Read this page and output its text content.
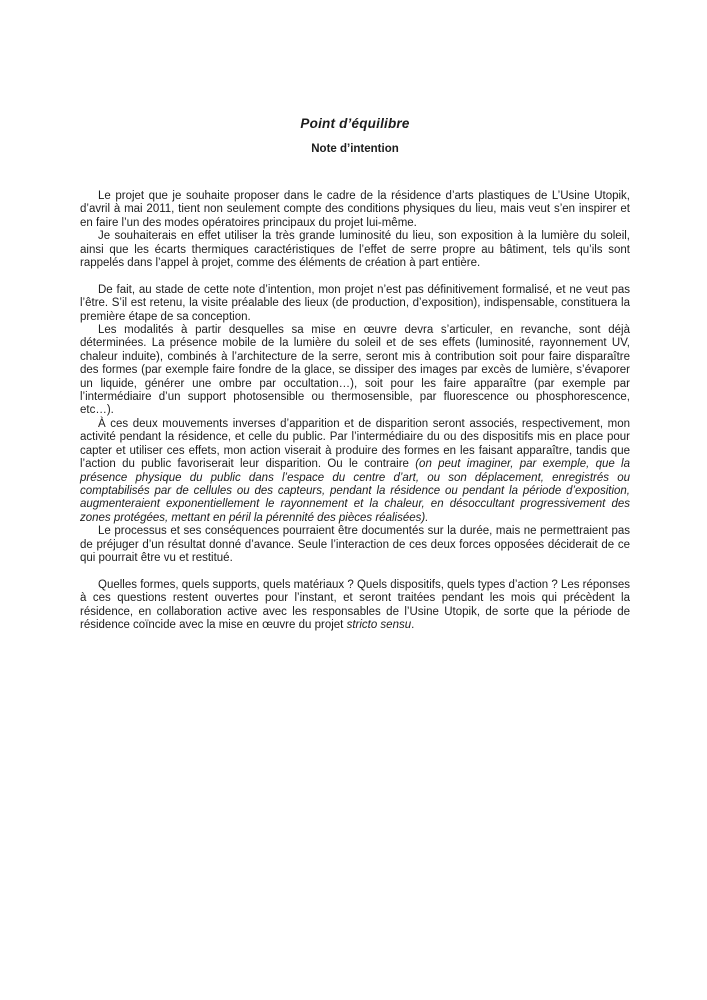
Point d’équilibre
Note d’intention

Le projet que je souhaite proposer dans le cadre de la résidence d’arts plastiques de L’Usine Utopik, d’avril à mai 2011, tient non seulement compte des conditions physiques du lieu, mais veut s’en inspirer et en faire l’un des modes opératoires principaux du projet lui-même.

Je souhaiterais en effet utiliser la très grande luminosité du lieu, son exposition à la lumière du soleil, ainsi que les écarts thermiques caractéristiques de l’effet de serre propre au bâtiment, tels qu’ils sont rappelés dans l’appel à projet, comme des éléments de création à part entière.

De fait, au stade de cette note d’intention, mon projet n’est pas définitivement formalisé, et ne veut pas l’être. S’il est retenu, la visite préalable des lieux (de production, d’exposition), indispensable, constituera la première étape de sa conception.

Les modalités à partir desquelles sa mise en œuvre devra s’articuler, en revanche, sont déjà déterminées. La présence mobile de la lumière du soleil et de ses effets (luminosité, rayonnement UV, chaleur induite), combinés à l’architecture de la serre, seront mis à contribution soit pour faire disparaître des formes (par exemple faire fondre de la glace, se dissiper des images par excès de lumière, s’évaporer un liquide, générer une ombre par occultation…), soit pour les faire apparaître (par exemple par l’intermédiaire d’un support photosensible ou thermosensible, par fluorescence ou phosphorescence, etc…).

À ces deux mouvements inverses d’apparition et de disparition seront associés, respectivement, mon activité pendant la résidence, et celle du public. Par l’intermédiaire du ou des dispositifs mis en place pour capter et utiliser ces effets, mon action viserait à produire des formes en les faisant apparaître, tandis que l’action du public favoriserait leur disparition. Ou le contraire (on peut imaginer, par exemple, que la présence physique du public dans l’espace du centre d’art, ou son déplacement, enregistrés ou comptabilisés par de cellules ou des capteurs, pendant la résidence ou pendant la période d’exposition, augmenteraient exponentiellement le rayonnement et la chaleur, en désoccultant progressivement des zones protégées, mettant en péril la pérennité des pièces réalisées).

Le processus et ses conséquences pourraient être documentés sur la durée, mais ne permettraient pas de préjuger d’un résultat donné d’avance. Seule l’interaction de ces deux forces opposées déciderait de ce qui pourrait être vu et restitué.

Quelles formes, quels supports, quels matériaux ? Quels dispositifs, quels types d’action ? Les réponses à ces questions restent ouvertes pour l’instant, et seront traitées pendant les mois qui précèdent la résidence, en collaboration active avec les responsables de l’Usine Utopik, de sorte que la période de résidence coïncide avec la mise en œuvre du projet stricto sensu.
